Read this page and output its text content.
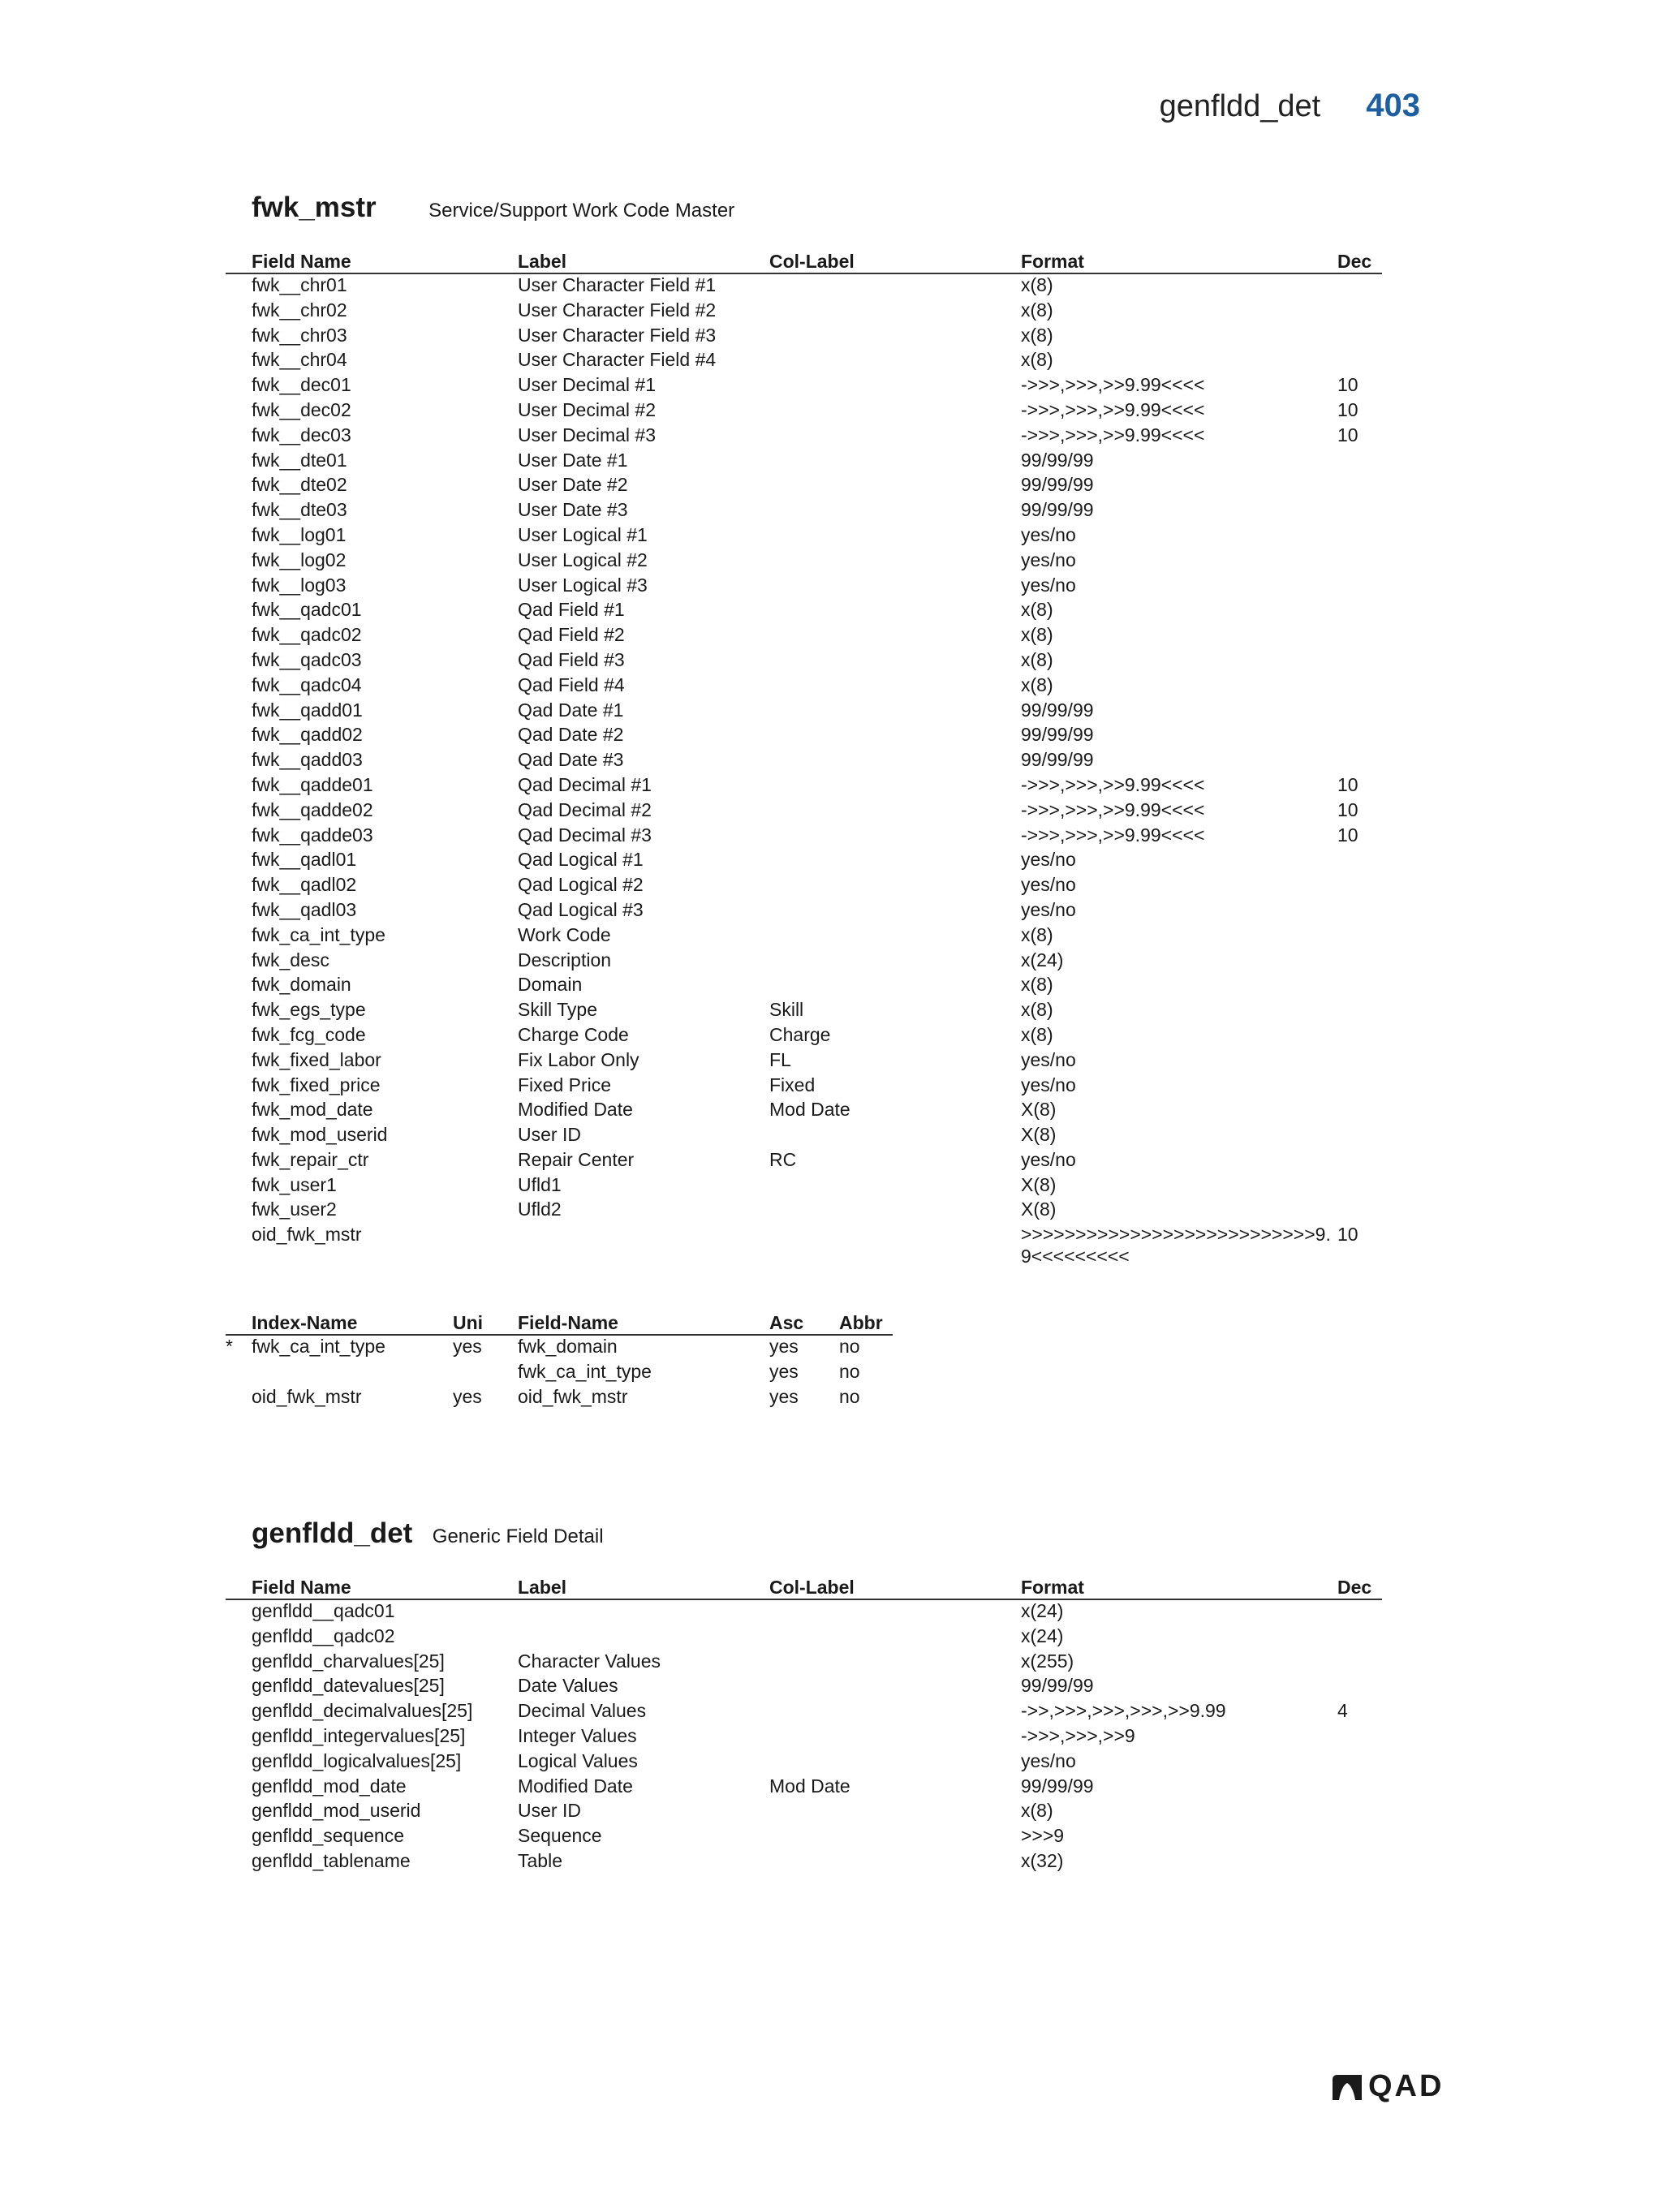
genfldd_det 403
fwk_mstr	Service/Support Work Code Master
	Field Name	Label	Col-Label	Format	Dec
	fwk__chr01	User Character Field #1		x(8)	
	fwk__chr02	User Character Field #2		x(8)	
	fwk__chr03	User Character Field #3		x(8)	
	fwk__chr04	User Character Field #4		x(8)	
	fwk__dec01	User Decimal #1		->>>,>>>,>>9.99<<<<	10
	fwk__dec02	User Decimal #2		->>>,>>>,>>9.99<<<<	10
	fwk__dec03	User Decimal #3		->>>,>>>,>>9.99<<<<	10
	fwk__dte01	User Date #1		99/99/99	
	fwk__dte02	User Date #2		99/99/99	
	fwk__dte03	User Date #3		99/99/99	
	fwk__log01	User Logical #1		yes/no	
	fwk__log02	User Logical #2		yes/no	
	fwk__log03	User Logical #3		yes/no	
	fwk__qadc01	Qad Field #1		x(8)	
	fwk__qadc02	Qad Field #2		x(8)	
	fwk__qadc03	Qad Field #3		x(8)	
	fwk__qadc04	Qad Field #4		x(8)	
	fwk__qadd01	Qad Date #1		99/99/99	
	fwk__qadd02	Qad Date #2		99/99/99	
	fwk__qadd03	Qad Date #3		99/99/99	
	fwk__qadde01	Qad Decimal #1		->>>,>>>,>>9.99<<<<	10
	fwk__qadde02	Qad Decimal #2		->>>,>>>,>>9.99<<<<	10
	fwk__qadde03	Qad Decimal #3		->>>,>>>,>>9.99<<<<	10
	fwk__qadl01	Qad Logical #1		yes/no	
	fwk__qadl02	Qad Logical #2		yes/no	
	fwk__qadl03	Qad Logical #3		yes/no	
	fwk_ca_int_type	Work Code		x(8)	
	fwk_desc	Description		x(24)	
	fwk_domain	Domain		x(8)	
	fwk_egs_type	Skill Type	Skill	x(8)	
	fwk_fcg_code	Charge Code	Charge	x(8)	
	fwk_fixed_labor	Fix Labor Only	FL	yes/no	
	fwk_fixed_price	Fixed Price	Fixed	yes/no	
	fwk_mod_date	Modified Date	Mod Date	X(8)	
	fwk_mod_userid	User ID		X(8)	
	fwk_repair_ctr	Repair Center	RC	yes/no	
	fwk_user1	Ufld1		X(8)	
	fwk_user2	Ufld2		X(8)	
	oid_fwk_mstr			>>>>>>>>>>>>>>>>>>>>>>>>>>>9.9<<<<<<<<<	10
	Index-Name	Uni	Field-Name	Asc	Abbr
*	fwk_ca_int_type	yes	fwk_domain	yes	no
			fwk_ca_int_type	yes	no
	oid_fwk_mstr	yes	oid_fwk_mstr	yes	no
genfldd_det Generic Field Detail
	Field Name	Label	Col-Label	Format	Dec
	genfldd__qadc01			x(24)	
	genfldd__qadc02			x(24)	
	genfldd_charvalues[25]	Character Values		x(255)	
	genfldd_datevalues[25]	Date Values		99/99/99	
	genfldd_decimalvalues[25]	Decimal Values		->>,>>>,>>>,>>>,>>9.99	4
	genfldd_integervalues[25]	Integer Values		->>>,>>>,>>9	
	genfldd_logicalvalues[25]	Logical Values		yes/no	
	genfldd_mod_date	Modified Date	Mod Date	99/99/99	
	genfldd_mod_userid	User ID		x(8)	
	genfldd_sequence	Sequence		>>>9	
	genfldd_tablename	Table		x(32)	
QAD
